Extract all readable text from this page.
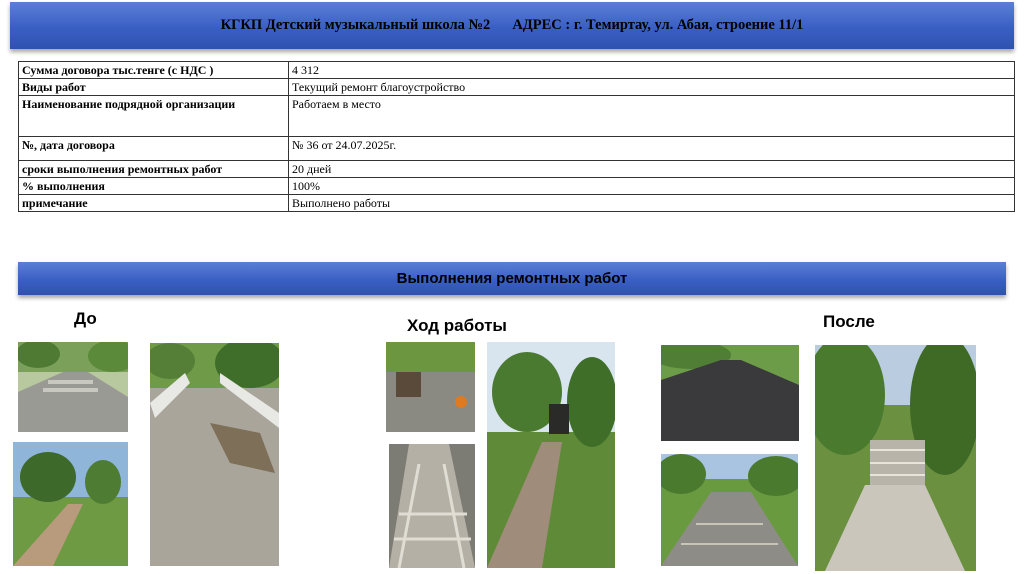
КГКП Детский музыкальный школа №2 АДРЕС : г. Темиртау, ул. Абая, строение 11/1
Сумма договора тыс.тенге (с НДС )	4 312
Виды работ	Текущий ремонт благоустройство
Наименование подрядной организации	Работаем в место
№, дата договора	№ 36 от 24.07.2025г.
сроки выполнения ремонтных работ	20 дней
% выполнения	100%
примечание	Выполнено работы
Выполнения ремонтных работ
До	Ход работы	После
